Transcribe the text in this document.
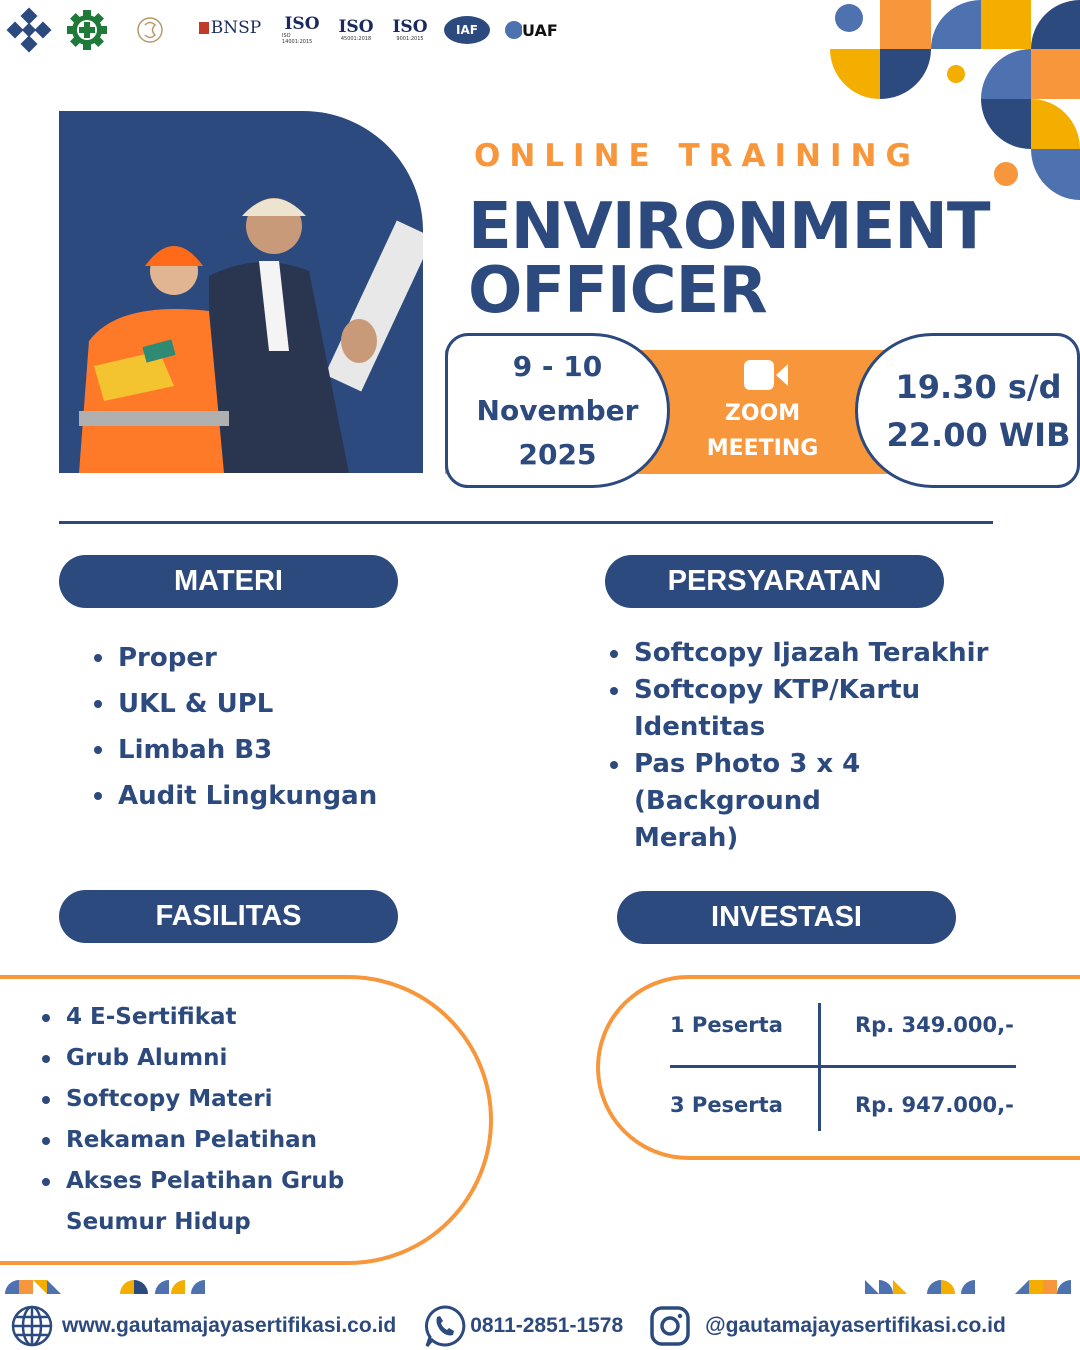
BNSP
ISO
ISO 14001:2015
ISO
45001:2018
ISO
9001:2015
IAF	UAF
ONLINE TRAINING
ENVIRONMENT
OFFICER
9 - 10
November
2025
ZOOM
MEETING
19.30 s/d
22.00 WIB
MATERI
Proper
UKL & UPL
Limbah B3
Audit Lingkungan
PERSYARATAN
Softcopy Ijazah Terakhir
Softcopy KTP/Kartu Identitas
Pas Photo 3 x 4 (Background Merah)
FASILITAS
4 E-Sertifikat
Grub Alumni
Softcopy Materi
Rekaman Pelatihan
Akses Pelatihan Grub Seumur Hidup
INVESTASI
1 Peserta	Rp. 349.000,-
3 Peserta	Rp. 947.000,-
www.gautamajayasertifikasi.co.id	0811-2851-1578	@gautamajayasertifikasi.co.id
